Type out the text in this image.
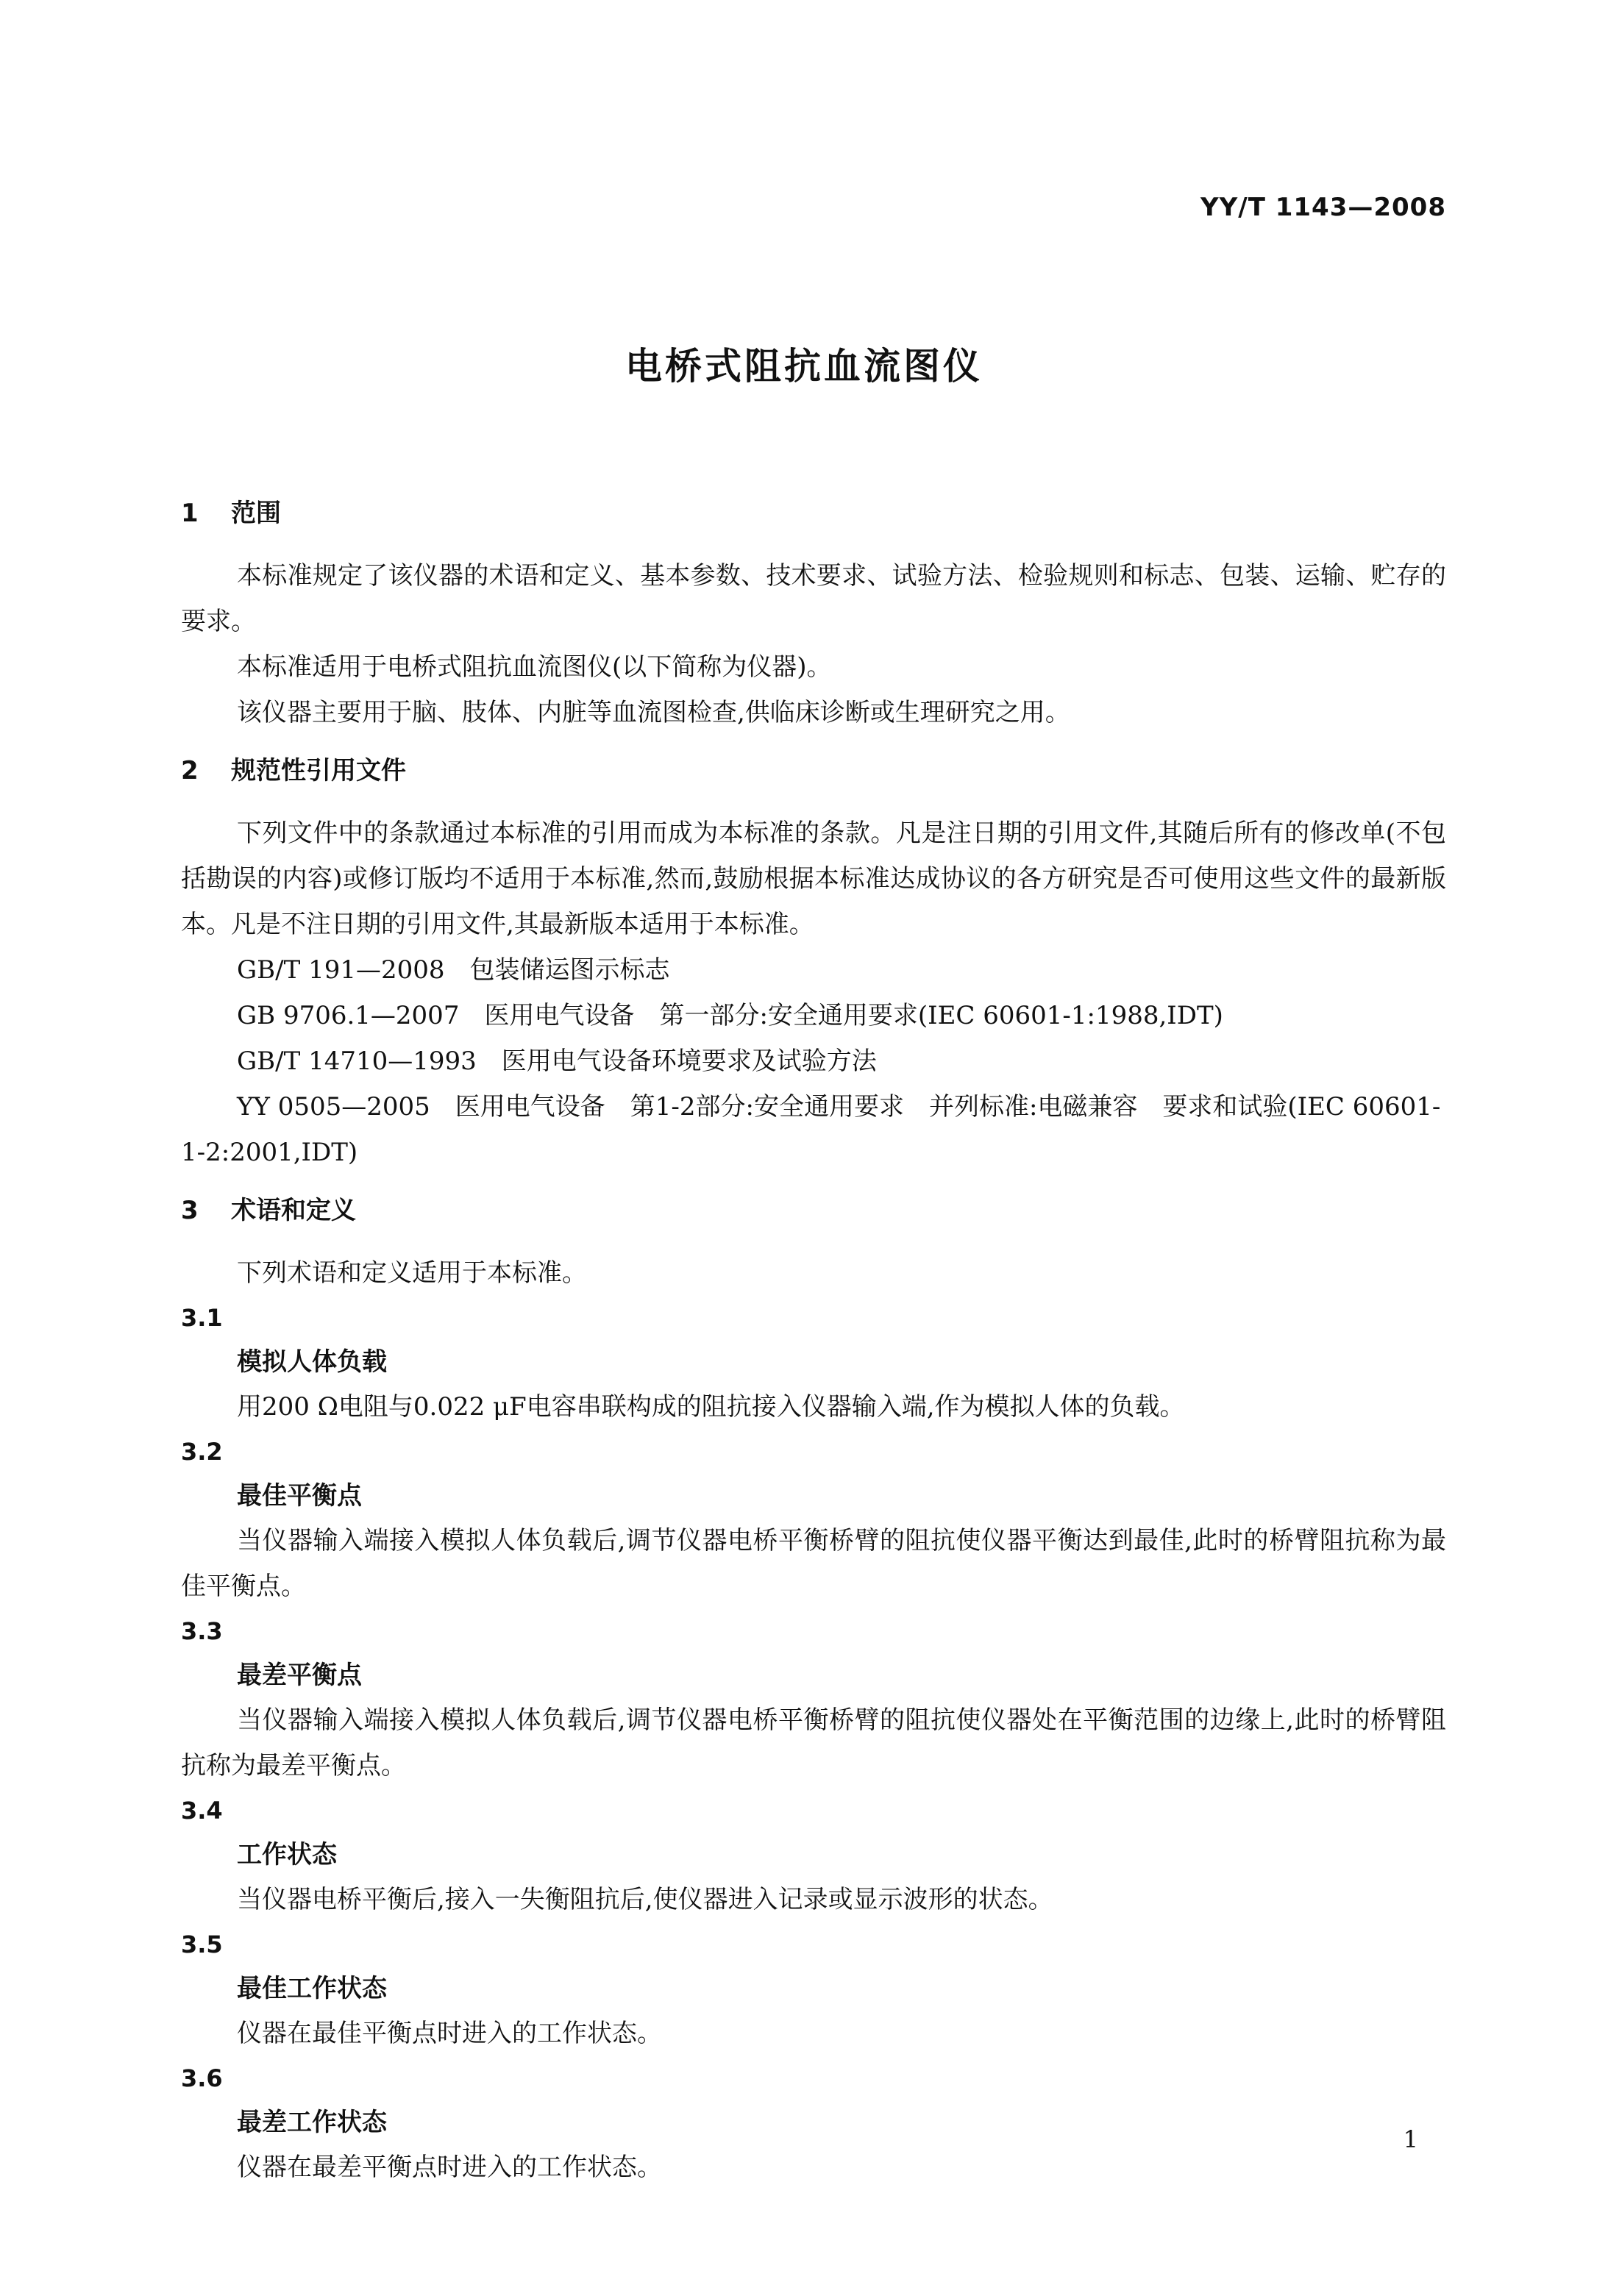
YY/T 1143—2008
电桥式阻抗血流图仪
1 范围

本标准规定了该仪器的术语和定义、基本参数、技术要求、试验方法、检验规则和标志、包装、运输、贮存的要求。

本标准适用于电桥式阻抗血流图仪(以下简称为仪器)。

该仪器主要用于脑、肢体、内脏等血流图检查,供临床诊断或生理研究之用。

2 规范性引用文件

下列文件中的条款通过本标准的引用而成为本标准的条款。凡是注日期的引用文件,其随后所有的修改单(不包括勘误的内容)或修订版均不适用于本标准,然而,鼓励根据本标准达成协议的各方研究是否可使用这些文件的最新版本。凡是不注日期的引用文件,其最新版本适用于本标准。

GB/T 191—2008　包装储运图示标志

GB 9706.1—2007　医用电气设备　第一部分:安全通用要求(IEC 60601-1:1988,IDT)

GB/T 14710—1993　医用电气设备环境要求及试验方法

YY 0505—2005　医用电气设备　第1-2部分:安全通用要求　并列标准:电磁兼容　要求和试验(IEC 60601-1-2:2001,IDT)

3 术语和定义

下列术语和定义适用于本标准。

3.1

模拟人体负载

用200 Ω电阻与0.022 μF电容串联构成的阻抗接入仪器输入端,作为模拟人体的负载。

3.2

最佳平衡点

当仪器输入端接入模拟人体负载后,调节仪器电桥平衡桥臂的阻抗使仪器平衡达到最佳,此时的桥臂阻抗称为最佳平衡点。

3.3

最差平衡点

当仪器输入端接入模拟人体负载后,调节仪器电桥平衡桥臂的阻抗使仪器处在平衡范围的边缘上,此时的桥臂阻抗称为最差平衡点。

3.4

工作状态

当仪器电桥平衡后,接入一失衡阻抗后,使仪器进入记录或显示波形的状态。

3.5

最佳工作状态

仪器在最佳平衡点时进入的工作状态。

3.6

最差工作状态

仪器在最差平衡点时进入的工作状态。

1
